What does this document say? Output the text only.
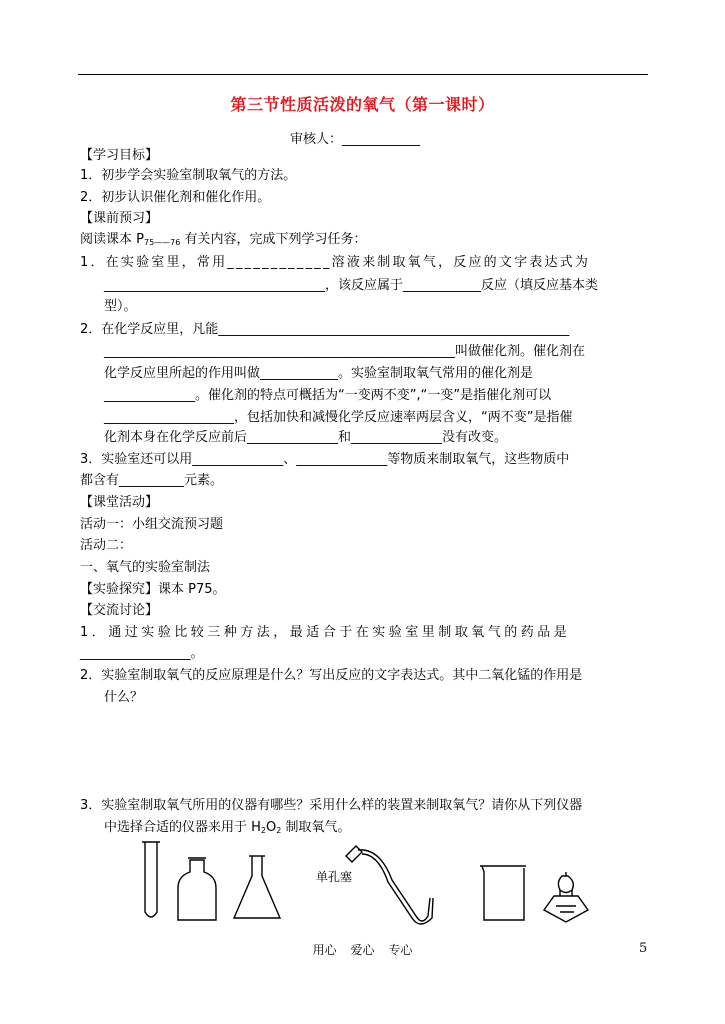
第三节性质活泼的氧气（第一课时）
审核人：____________
【学习目标】
1．初步学会实验室制取氧气的方法。
2．初步认识催化剂和催化作用。
【课前预习】
阅读课本 $P_{75——76}$ 有关内容，完成下列学习任务：
1．在实验室里，常用____________溶液来制取氧气，反应的文字表达式为
__________________________________，该反应属于____________反应（填反应基本类
型）。
2．在化学反应里，凡能______________________________________________________
______________________________________________________叫做催化剂。催化剂在
化学反应里所起的作用叫做____________。实验室制取氧气常用的催化剂是
______________。催化剂的特点可概括为“一变两不变”,“一变”是指催化剂可以
____________________，包括加快和减慢化学反应速率两层含义，“两不变”是指催
化剂本身在化学反应前后______________和______________没有改变。
3．实验室还可以用______________、______________等物质来制取氧气，这些物质中
都含有__________元素。
【课堂活动】
活动一：小组交流预习题
活动二：
一、氧气的实验室制法
【实验探究】课本 P75。
【交流讨论】
1．通过实验比较三种方法，最适合于在实验室里制取氧气的药品是
_________________。
2．实验室制取氧气的反应原理是什么？写出反应的文字表达式。其中二氧化锰的作用是
什么？
3．实验室制取氧气所用的仪器有哪些？采用什么样的装置来制取氧气？请你从下列仪器
中选择合适的仪器来用于 $H_2O_2$ 制取氧气。
单孔塞
用心 爱心 专心	5
